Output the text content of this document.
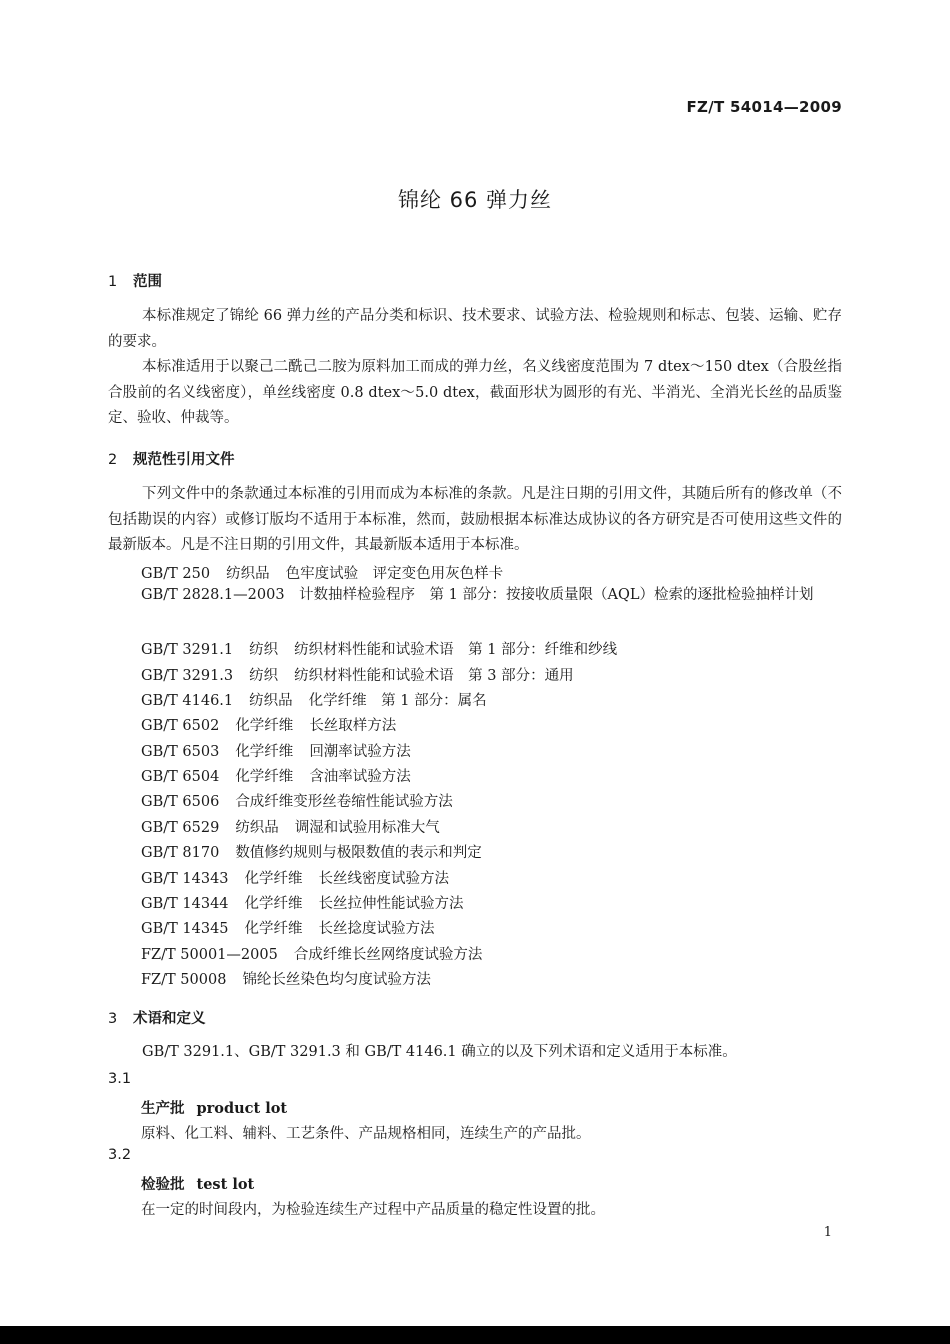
FZ/T 54014—2009
锦纶 66 弹力丝
1 范围
本标准规定了锦纶 66 弹力丝的产品分类和标识、技术要求、试验方法、检验规则和标志、包装、运输、贮存的要求。
本标准适用于以聚己二酰己二胺为原料加工而成的弹力丝，名义线密度范围为 7 dtex～150 dtex（合股丝指合股前的名义线密度），单丝线密度 0.8 dtex～5.0 dtex，截面形状为圆形的有光、半消光、全消光长丝的品质鉴定、验收、仲裁等。
2 规范性引用文件
下列文件中的条款通过本标准的引用而成为本标准的条款。凡是注日期的引用文件，其随后所有的修改单（不包括勘误的内容）或修订版均不适用于本标准，然而，鼓励根据本标准达成协议的各方研究是否可使用这些文件的最新版本。凡是不注日期的引用文件，其最新版本适用于本标准。
GB/T 250 纺织品 色牢度试验　评定变色用灰色样卡
GB/T 2828.1—2003　计数抽样检验程序　第 1 部分：按接收质量限（AQL）检索的逐批检验抽样计划
GB/T 3291.1 纺织 纺织材料性能和试验术语　第 1 部分：纤维和纱线
GB/T 3291.3 纺织 纺织材料性能和试验术语　第 3 部分：通用
GB/T 4146.1 纺织品 化学纤维　第 1 部分：属名
GB/T 6502 化学纤维 长丝取样方法
GB/T 6503 化学纤维 回潮率试验方法
GB/T 6504 化学纤维 含油率试验方法
GB/T 6506 合成纤维变形丝卷缩性能试验方法
GB/T 6529 纺织品 调湿和试验用标准大气
GB/T 8170 数值修约规则与极限数值的表示和判定
GB/T 14343 化学纤维 长丝线密度试验方法
GB/T 14344 化学纤维 长丝拉伸性能试验方法
GB/T 14345 化学纤维 长丝捻度试验方法
FZ/T 50001—2005 合成纤维长丝网络度试验方法
FZ/T 50008 锦纶长丝染色均匀度试验方法
3 术语和定义
GB/T 3291.1、GB/T 3291.3 和 GB/T 4146.1 确立的以及下列术语和定义适用于本标准。
3.1
生产批 product lot
原料、化工料、辅料、工艺条件、产品规格相同，连续生产的产品批。
3.2
检验批 test lot
在一定的时间段内，为检验连续生产过程中产品质量的稳定性设置的批。
1
